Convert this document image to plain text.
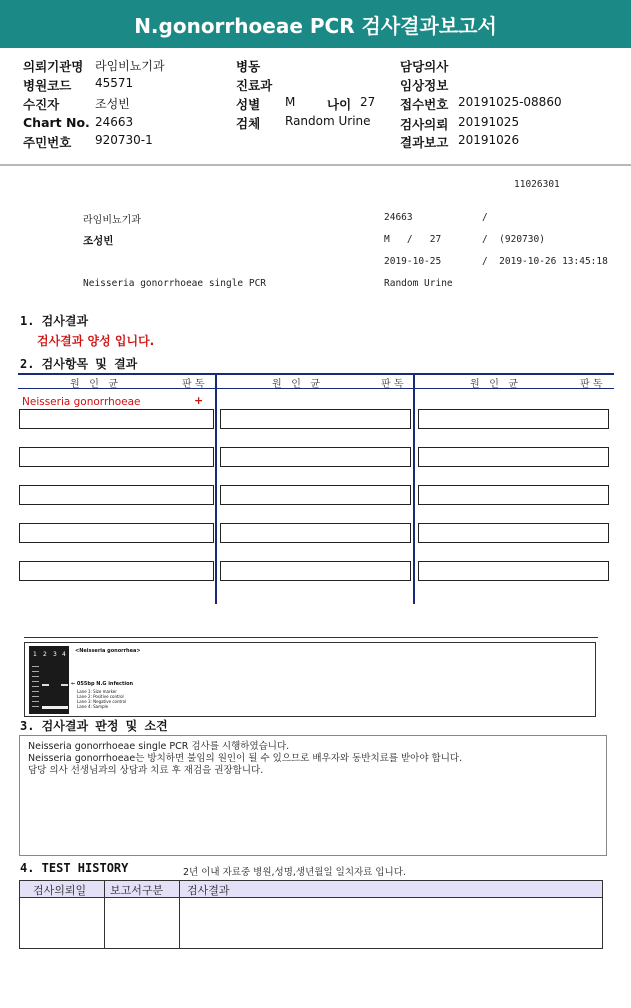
N.gonorrhoeae PCR 검사결과보고서
의뢰기관명 라임비뇨기과
병원코드 45571
수진자	조성빈
Chart No. 24663
주민번호 920730-1
병동
진료과
성별 M	나이 27
검체 Random Urine
담당의사
임상정보
접수번호 20191025-08860
검사의뢰 20191025
결과보고 20191026
11026301
라임비뇨기과	24663	/
조성빈	M   /   27	/  (920730)
2019-10-25	/  2019-10-26 13:45:18
Neisseria gonorrhoeae single PCR	Random Urine
1. 검사결과
검사결과 양성 입니다.
2. 검사항목 및 결과
원   인   균	판 독	원   인   균	판 독	원   인   균	판 독
Neisseria gonorrhoeae	+
1 2 3 4 <Neisseria gonorrhea>
← 055bp N.G infection
Lane 1: Size marker
Lane 2: Positive control
Lane 3: Negative control
Lane 4: Sample
3. 검사결과 판정 및 소견
Neisseria gonorrhoeae single PCR 검사를 시행하였습니다.
Neisseria gonorrhoeae는 방치하면 불임의 원인이 될 수 있으므로 배우자와 동반치료를 받아야 합니다.
담당 의사 선생님과의 상담과 치료 후 재검을 권장합니다.
4. TEST HISTORY	2년 이내 자료중 병원,성명,생년월일 일치자료 입니다.
검사의뢰일 보고서구분 검사결과
